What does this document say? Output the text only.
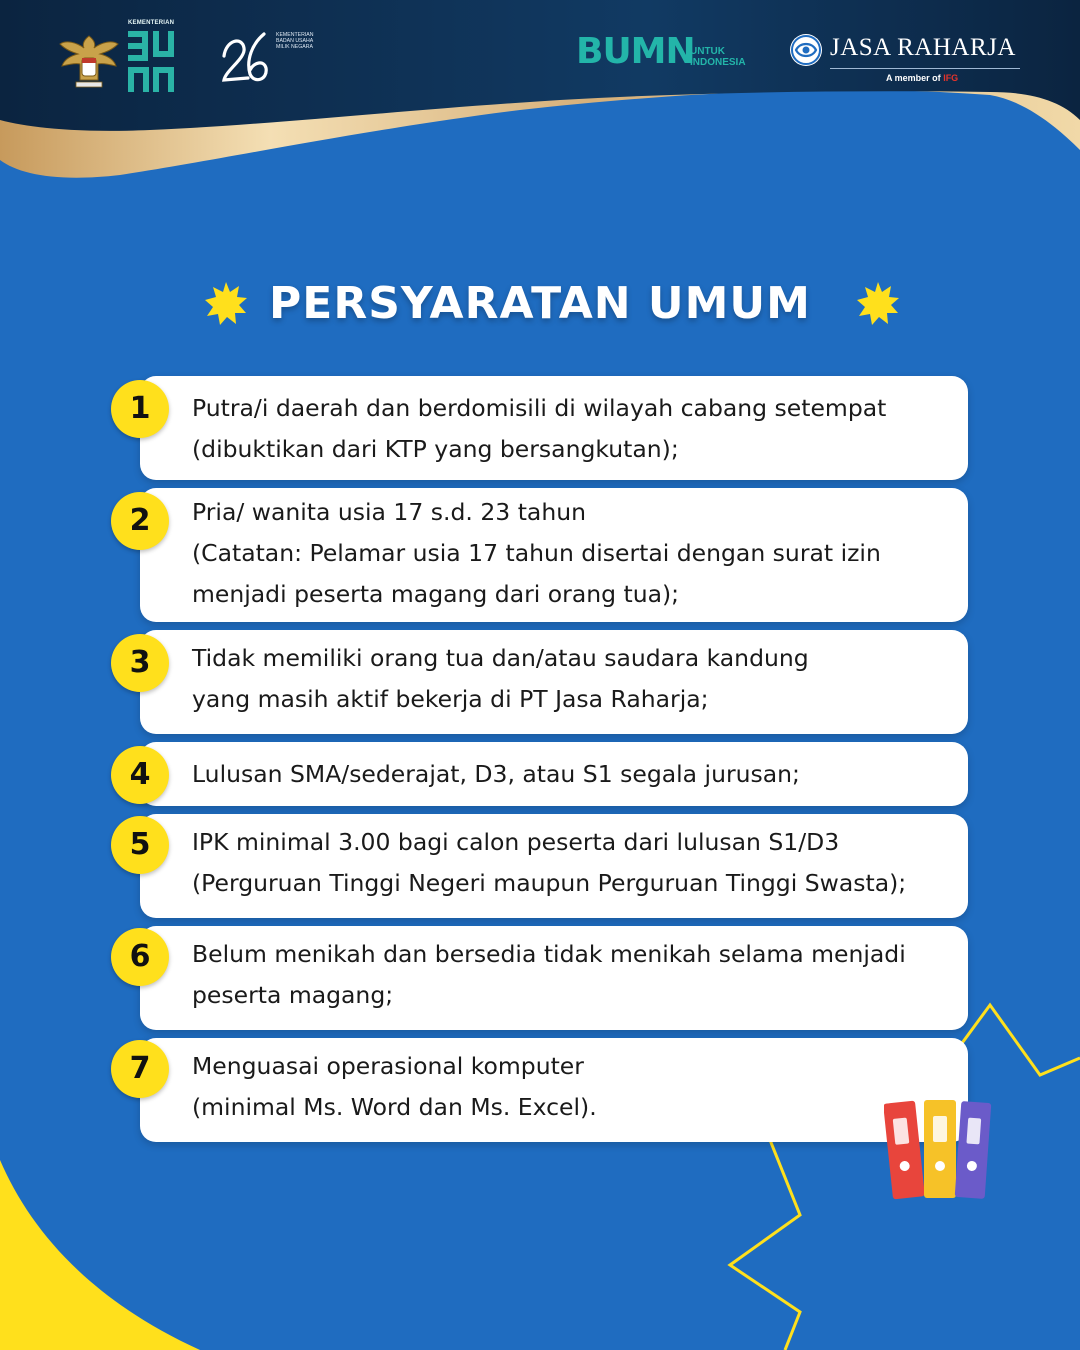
KEMENTERIAN
KEMENTERIAN BADAN USAHA MILIK NEGARA	BUMN
UNTUK INDONESIA
JASA RAHARJA
A member of IFG
PERSYARATAN UMUM
Putra/i daerah dan berdomisili di wilayah cabang setempat
(dibuktikan dari KTP yang bersangkutan);
1
Pria/ wanita usia 17 s.d. 23 tahun
(Catatan: Pelamar usia 17 tahun disertai dengan surat izin
menjadi peserta magang dari orang tua);
2
Tidak memiliki orang tua dan/atau saudara kandung
yang masih aktif bekerja di PT Jasa Raharja;
3
Lulusan SMA/sederajat, D3, atau S1 segala jurusan;
4
IPK minimal 3.00 bagi calon peserta dari lulusan S1/D3
(Perguruan Tinggi Negeri maupun Perguruan Tinggi Swasta);
5
Belum menikah dan bersedia tidak menikah selama menjadi
peserta magang;
6
Menguasai operasional komputer
(minimal Ms. Word dan Ms. Excel).
7
